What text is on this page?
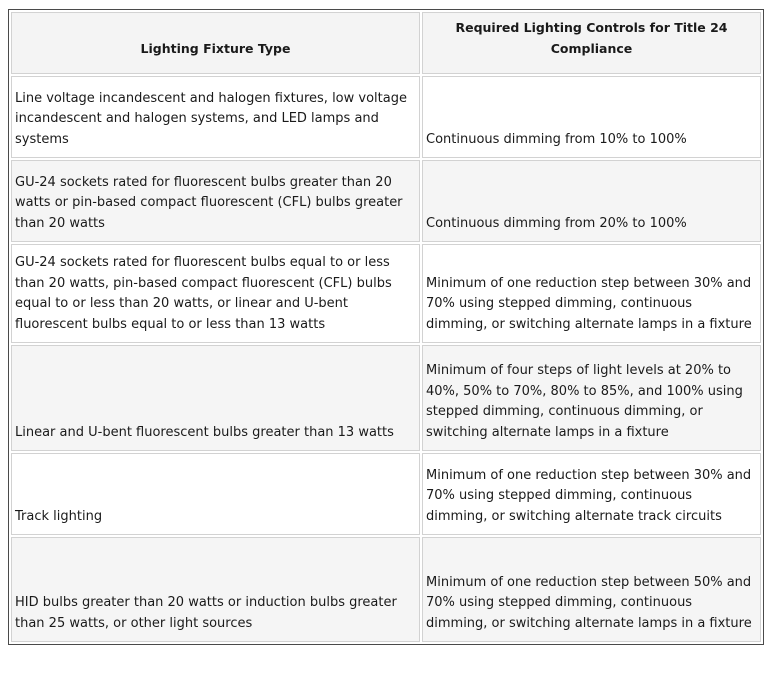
Lighting Fixture Type	Required Lighting Controls for Title 24 Compliance
Line voltage incandescent and halogen fixtures, low voltage incandescent and halogen systems, and LED lamps and systems	Continuous dimming from 10% to 100%
GU-24 sockets rated for fluorescent bulbs greater than 20 watts or pin-based compact fluorescent (CFL) bulbs greater than 20 watts	Continuous dimming from 20% to 100%
GU-24 sockets rated for fluorescent bulbs equal to or less than 20 watts, pin-based compact fluorescent (CFL) bulbs equal to or less than 20 watts, or linear and U-bent fluorescent bulbs equal to or less than 13 watts	Minimum of one reduction step between 30% and 70% using stepped dimming, continuous dimming, or switching alternate lamps in a fixture
Linear and U-bent fluorescent bulbs greater than 13 watts	Minimum of four steps of light levels at 20% to 40%, 50% to 70%, 80% to 85%, and 100% using stepped dimming, continuous dimming, or switching alternate lamps in a fixture
Track lighting	Minimum of one reduction step between 30% and 70% using stepped dimming, continuous dimming, or switching alternate track circuits
HID bulbs greater than 20 watts or induction bulbs greater than 25 watts, or other light sources	Minimum of one reduction step between 50% and 70% using stepped dimming, continuous dimming, or switching alternate lamps in a fixture
